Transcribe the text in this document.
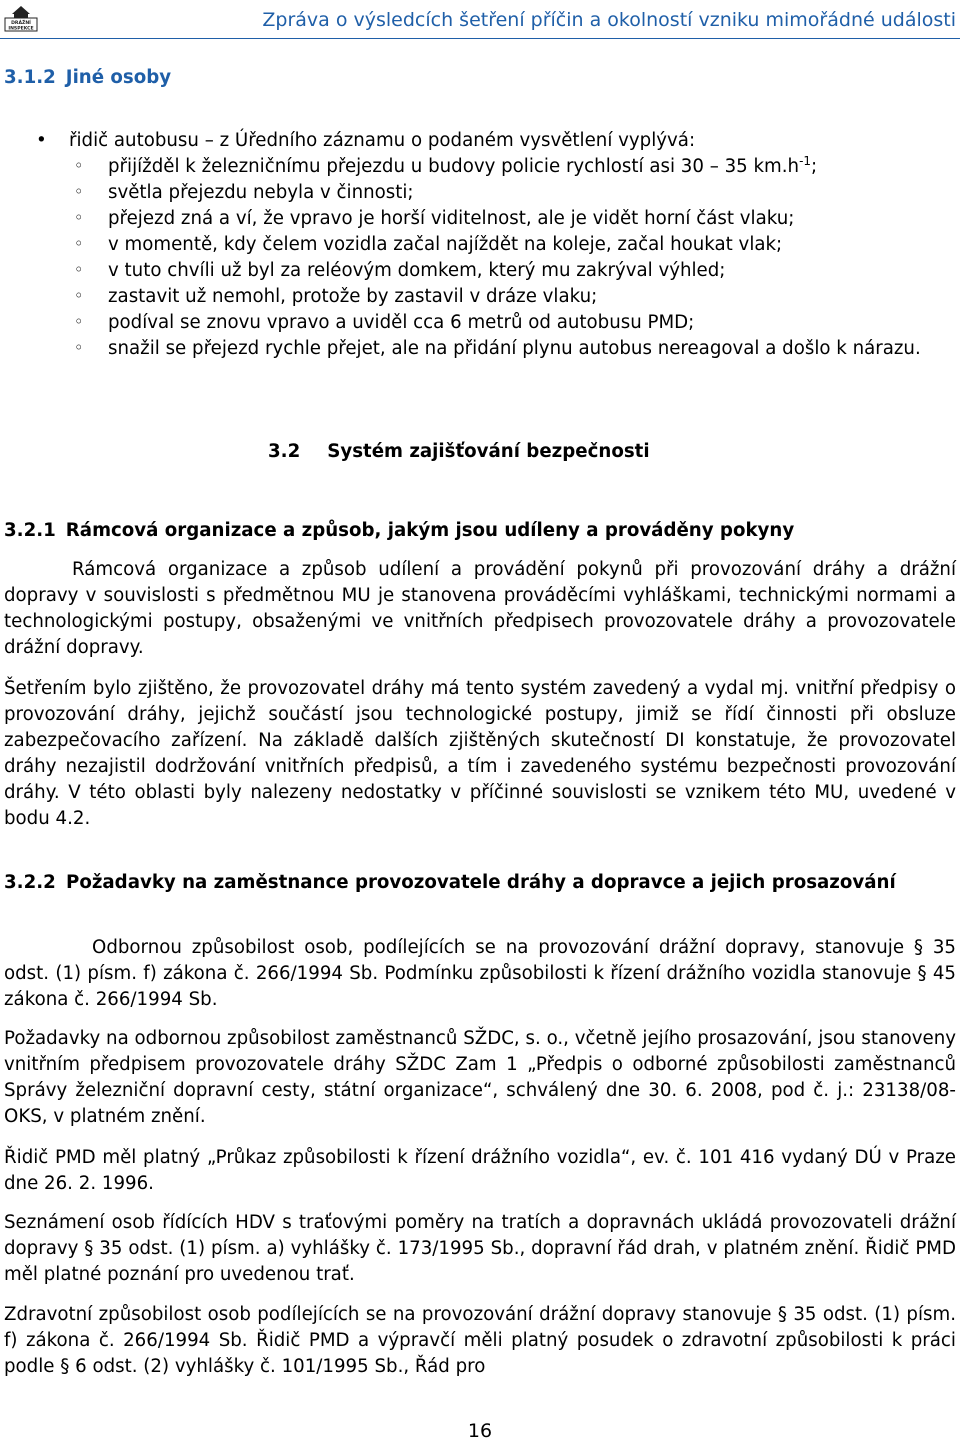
DRÁŽNÍ
INSPEKCE	Zpráva o výsledcích šetření příčin a okolností vzniku mimořádné události
3.1.2 Jiné osoby
• řidič autobusu – z Úředního záznamu o podaném vysvětlení vyplývá:
◦ přijížděl k železničnímu přejezdu u budovy policie rychlostí asi 30 – 35 $km.h^{-1}$;
◦ světla přejezdu nebyla v činnosti;
◦ přejezd zná a ví, že vpravo je horší viditelnost, ale je vidět horní část vlaku;
◦ v momentě, kdy čelem vozidla začal najíždět na koleje, začal houkat vlak;
◦ v tuto chvíli už byl za reléovým domkem, který mu zakrýval výhled;
◦ zastavit už nemohl, protože by zastavil v dráze vlaku;
◦ podíval se znovu vpravo a uviděl cca 6 metrů od autobusu PMD;
◦ snažil se přejezd rychle přejet, ale na přidání plynu autobus nereagoval a došlo k nárazu.
3.2 Systém zajišťování bezpečnosti
3.2.1 Rámcová organizace a způsob, jakým jsou udíleny a prováděny pokyny
Rámcová organizace a způsob udílení a provádění pokynů při provozování dráhy a drážní dopravy v souvislosti s předmětnou MU je stanovena prováděcími vyhláškami, technickými normami a technologickými postupy, obsaženými ve vnitřních předpisech provozovatele dráhy a provozovatele drážní dopravy.
Šetřením bylo zjištěno, že provozovatel dráhy má tento systém zavedený a vydal mj. vnitřní předpisy o provozování dráhy, jejichž součástí jsou technologické postupy, jimiž se řídí činnosti při obsluze zabezpečovacího zařízení. Na základě dalších zjištěných skutečností DI konstatuje, že provozovatel dráhy nezajistil dodržování vnitřních předpisů, a tím i zavedeného systému bezpečnosti provozování dráhy. V této oblasti byly nalezeny nedostatky v příčinné souvislosti se vznikem této MU, uvedené v bodu 4.2.
3.2.2 Požadavky na zaměstnance provozovatele dráhy a dopravce a jejich prosazování
Odbornou způsobilost osob, podílejících se na provozování drážní dopravy, stanovuje § 35 odst. (1) písm. f) zákona č. 266/1994 Sb. Podmínku způsobilosti k řízení drážního vozidla stanovuje § 45 zákona č. 266/1994 Sb.
Požadavky na odbornou způsobilost zaměstnanců SŽDC, s. o., včetně jejího prosazování, jsou stanoveny vnitřním předpisem provozovatele dráhy SŽDC Zam 1 „Předpis o odborné způsobilosti zaměstnanců Správy železniční dopravní cesty, státní organizace“, schválený dne 30. 6. 2008, pod č. j.: 23138/08-OKS, v platném znění.
Řidič PMD měl platný „Průkaz způsobilosti k řízení drážního vozidla“, ev. č. 101 416 vydaný DÚ v Praze dne 26. 2. 1996.
Seznámení osob řídících HDV s traťovými poměry na tratích a dopravnách ukládá provozovateli drážní dopravy § 35 odst. (1) písm. a) vyhlášky č. 173/1995 Sb., dopravní řád drah, v platném znění. Řidič PMD měl platné poznání pro uvedenou trať.
Zdravotní způsobilost osob podílejících se na provozování drážní dopravy stanovuje § 35 odst. (1) písm. f) zákona č. 266/1994 Sb. Řidič PMD a výpravčí měli platný posudek o zdravotní způsobilosti k práci podle § 6 odst. (2) vyhlášky č. 101/1995 Sb., Řád pro
16
